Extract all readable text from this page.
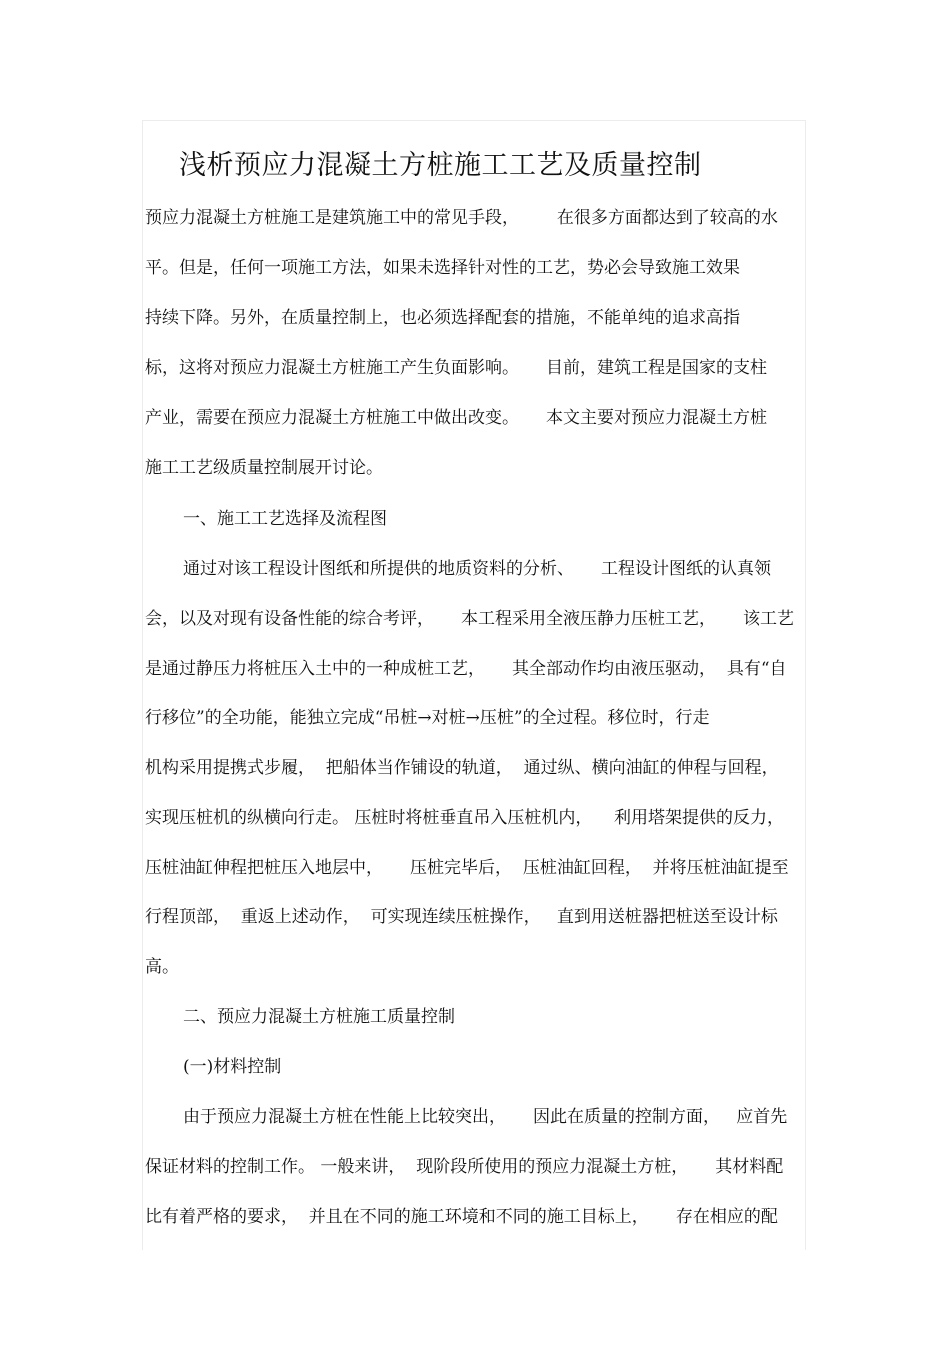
浅析预应力混凝土方桩施工工艺及质量控制

预应力混凝土方桩施工是建筑施工中的常见手段，       在很多方面都达到了较高的水

平。但是，任何一项施工方法，如果未选择针对性的工艺，势必会导致施工效果

持续下降。另外，在质量控制上，也必须选择配套的措施，不能单纯的追求高指

标，这将对预应力混凝土方桩施工产生负面影响。     目前，建筑工程是国家的支柱

产业，需要在预应力混凝土方桩施工中做出改变。     本文主要对预应力混凝土方桩

施工工艺级质量控制展开讨论。

一、施工工艺选择及流程图

通过对该工程设计图纸和所提供的地质资料的分析、     工程设计图纸的认真领

会，以及对现有设备性能的综合考评，     本工程采用全液压静力压桩工艺，     该工艺

是通过静压力将桩压入土中的一种成桩工艺，     其全部动作均由液压驱动，  具有“自

行移位”的全功能，能独立完成“吊桩→对桩→压桩”的全过程。移位时，行走

机构采用提携式步履，  把船体当作铺设的轨道，  通过纵、横向油缸的伸程与回程，

实现压桩机的纵横向行走。 压桩时将桩垂直吊入压桩机内，    利用塔架提供的反力，

压桩油缸伸程把桩压入地层中，     压桩完毕后，  压桩油缸回程，  并将压桩油缸提至

行程顶部，  重返上述动作，  可实现连续压桩操作，   直到用送桩器把桩送至设计标

高。

二、预应力混凝土方桩施工质量控制

(一)材料控制

由于预应力混凝土方桩在性能上比较突出，     因此在质量的控制方面，   应首先

保证材料的控制工作。 一般来讲，  现阶段所使用的预应力混凝土方桩，     其材料配

比有着严格的要求，  并且在不同的施工环境和不同的施工目标上，     存在相应的配
